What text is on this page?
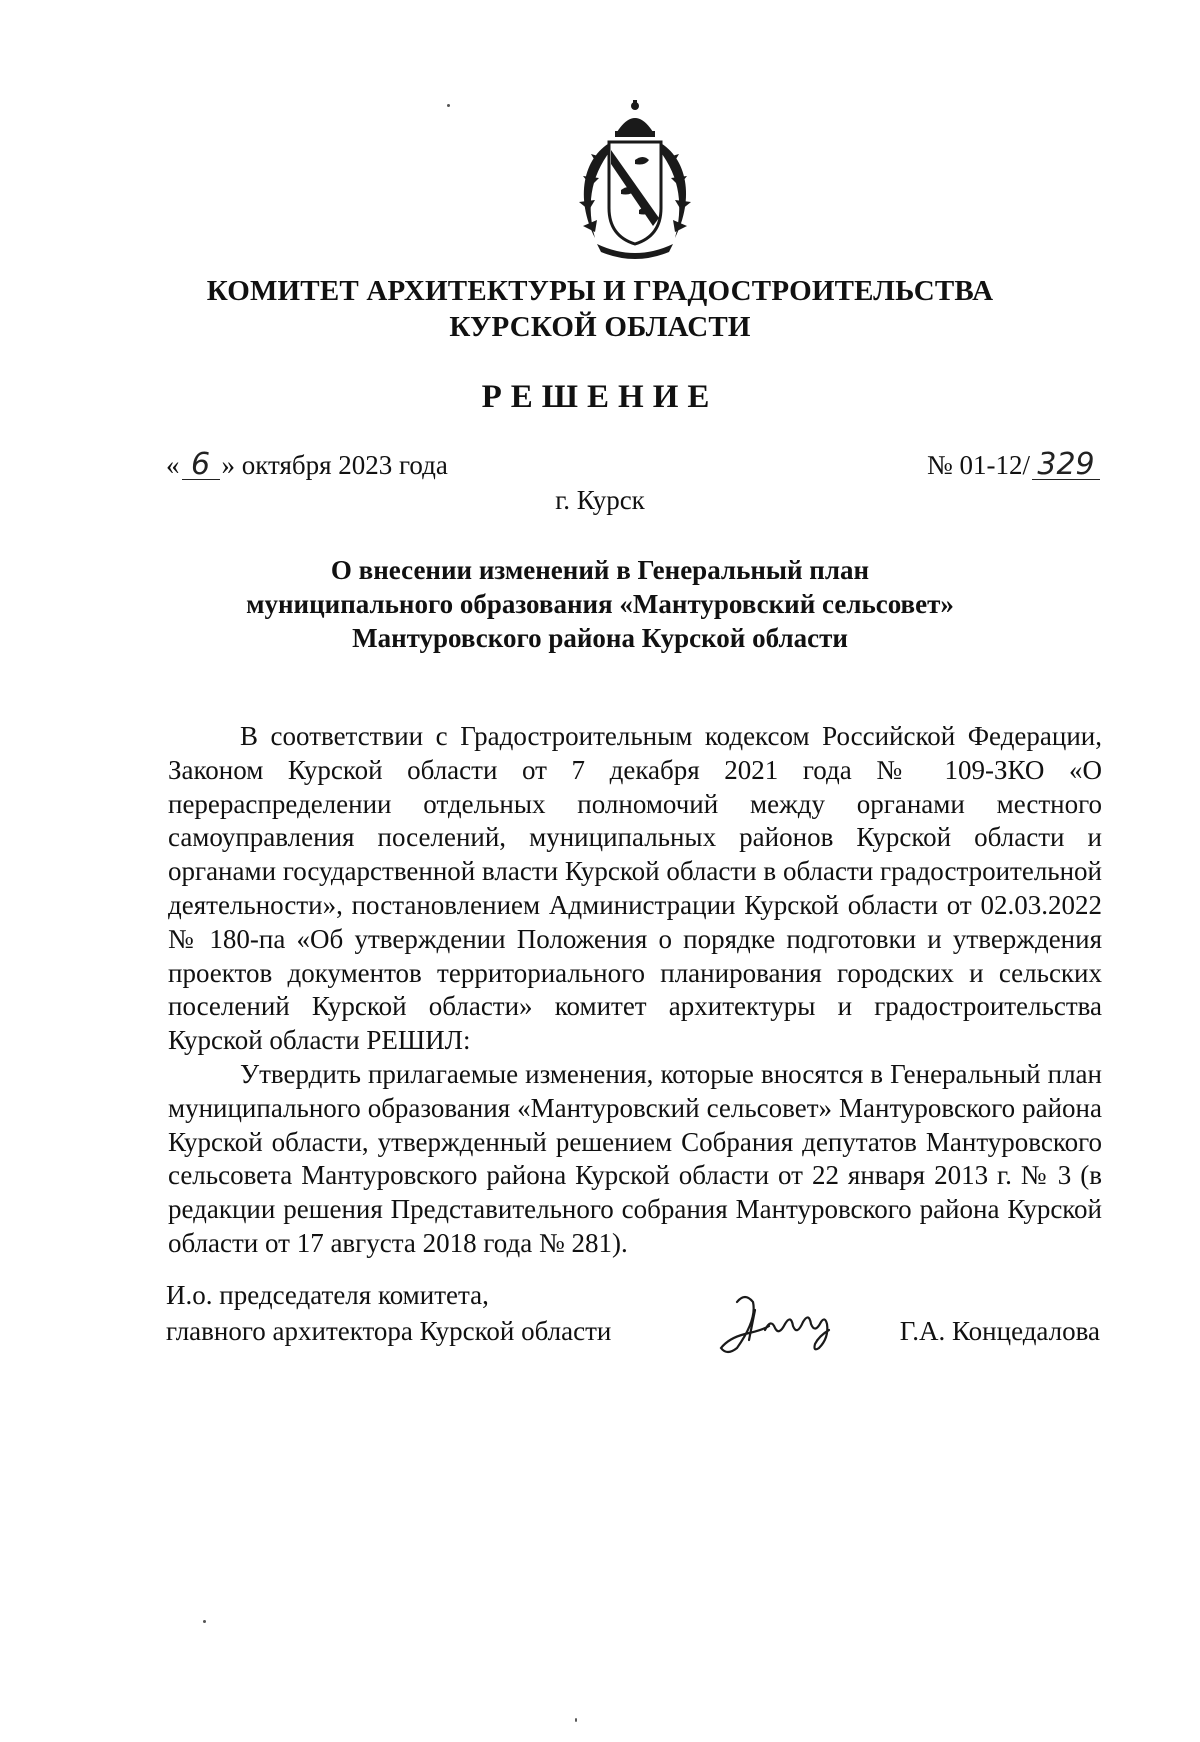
КОМИТЕТ АРХИТЕКТУРЫ И ГРАДОСТРОИТЕЛЬСТВА
КУРСКОЙ ОБЛАСТИ
РЕШЕНИЕ
« 6 » октября 2023 года	№ 01-12/ 329
г. Курск
О внесении изменений в Генеральный план
муниципального образования «Мантуровский сельсовет»
Мантуровского района Курской области

В соответствии с Градостроительным кодексом Российской Федерации, Законом Курской области от 7 декабря 2021 года № 109-ЗКО «О перераспределении отдельных полномочий между органами местного самоуправления поселений, муниципальных районов Курской области и органами государственной власти Курской области в области градостроительной деятельности», постановлением Администрации Курской области от 02.03.2022 № 180-па «Об утверждении Положения о порядке подготовки и утверждения проектов документов территориального планирования городских и сельских поселений Курской области» комитет архитектуры и градостроительства Курской области РЕШИЛ:

Утвердить прилагаемые изменения, которые вносятся в Генеральный план муниципального образования «Мантуровский сельсовет» Мантуровского района Курской области, утвержденный решением Собрания депутатов Мантуровского сельсовета Мантуровского района Курской области от 22 января 2013 г. № 3 (в редакции решения Представительного собрания Мантуровского района Курской области от 17 августа 2018 года № 281).

И.о. председателя комитета,
главного архитектора Курской области	Г.А. Концедалова
